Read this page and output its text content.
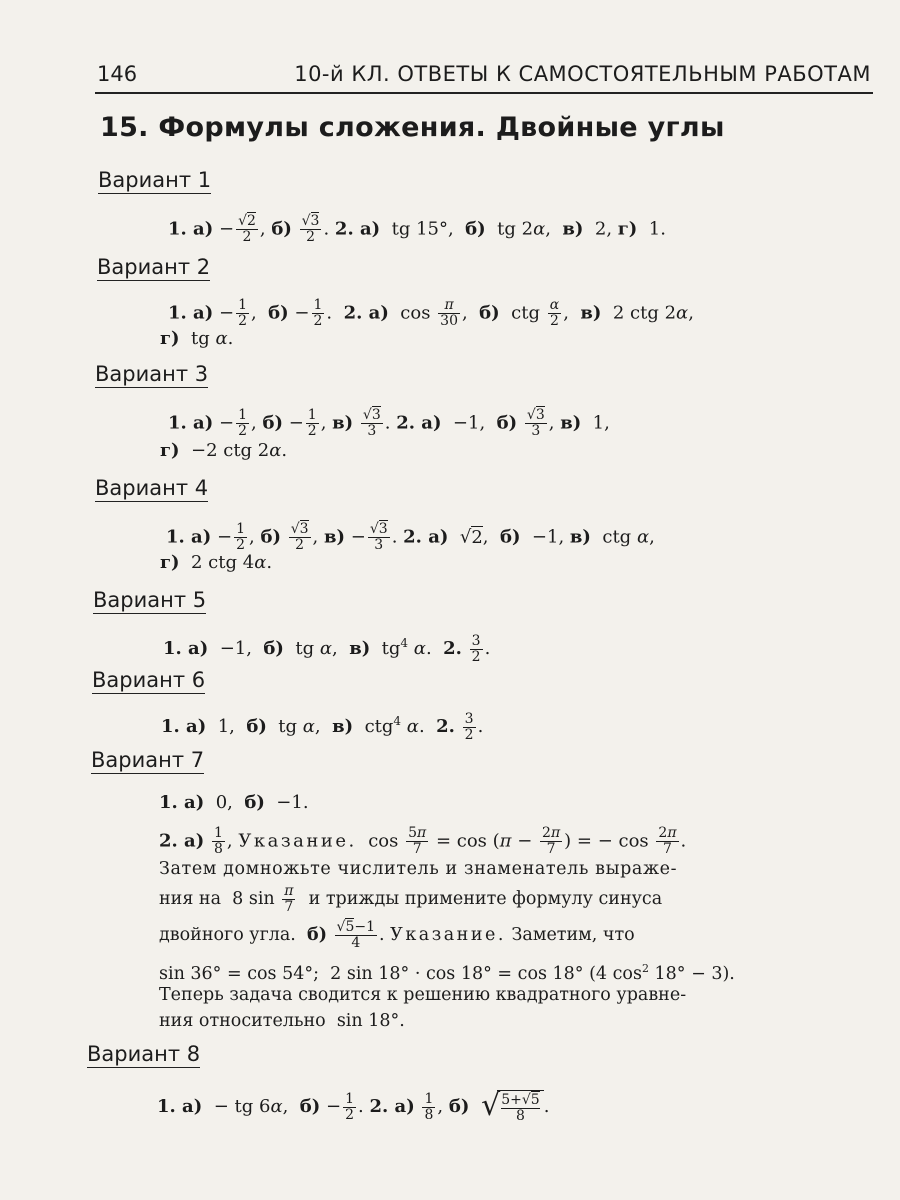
146	10-й КЛ. ОТВЕТЫ К САМОСТОЯТЕЛЬНЫМ РАБОТАМ
15. Формулы сложения. Двойные углы
Вариант 1
1. $а) - \frac{√2}{2}$ , $б) \frac{√3}{2}$ . 2. а)  tg 15°,  б)  tg 2α,  в)  2, г)  1.
Вариант 2
1. $а) - \frac{1}{2}$ ,  $б) - \frac{1}{2}$ .  2. а)  $\cos \frac{\pi}{30}$ ,  б)  ctg $\frac{\alpha}{2}$ ,  в)  2 ctg 2α,
г)  tg α.
Вариант 3
1. $а) - \frac{1}{2}$ , $б) - \frac{1}{2}$ , $в) \frac{√3}{3}$ . 2. а)  −1,  $б) \frac{√3}{3}$ , в)  1,
г)  −2 ctg 2α.
Вариант 4
1. $а) - \frac{1}{2}$ , $б) \frac{√3}{2}$ , $в) - \frac{√3}{3}$ . 2. а)  √2,  б)  −1, в)  ctg α,
г)  2 ctg 4α.
Вариант 5
1. а)  −1,  б)  tg α,  в)  $tg^4$ α.  2. $\frac{3}{2}$ .
Вариант 6
1. а)  1,  б)  tg α,  в)  ctg$^4$ α.  2. $\frac{3}{2}$ .
Вариант 7
1. а)  0,  б)  −1.
2. $а) \frac{1}{8}$ , Указание.  $\cos \frac{5\pi}{7} = \cos (\pi - \frac{2\pi}{7}$ ) = − $\cos \frac{2\pi}{7}$ .
Затем домножьте числитель и знаменатель выраже-
ния на  8 $\sin \frac{\pi}{7}$ и трижды примените формулу синуса
двойного угла. $б) \frac{√5-1}{4}$ . Указание. Заметим, что
sin 36° = cos 54°;  2 sin 18° · cos 18° = cos 18° (4 $\cos^2 18^\circ - 3$).
Теперь задача сводится к решению квадратного уравне-
ния относительно  sin 18°.
Вариант 8
1. а)  − tg 6α,  $б) - \frac{1}{2}$ . 2. $а) \frac{1}{8}$ , б) √
$\frac{5+√5}{8}$ .
